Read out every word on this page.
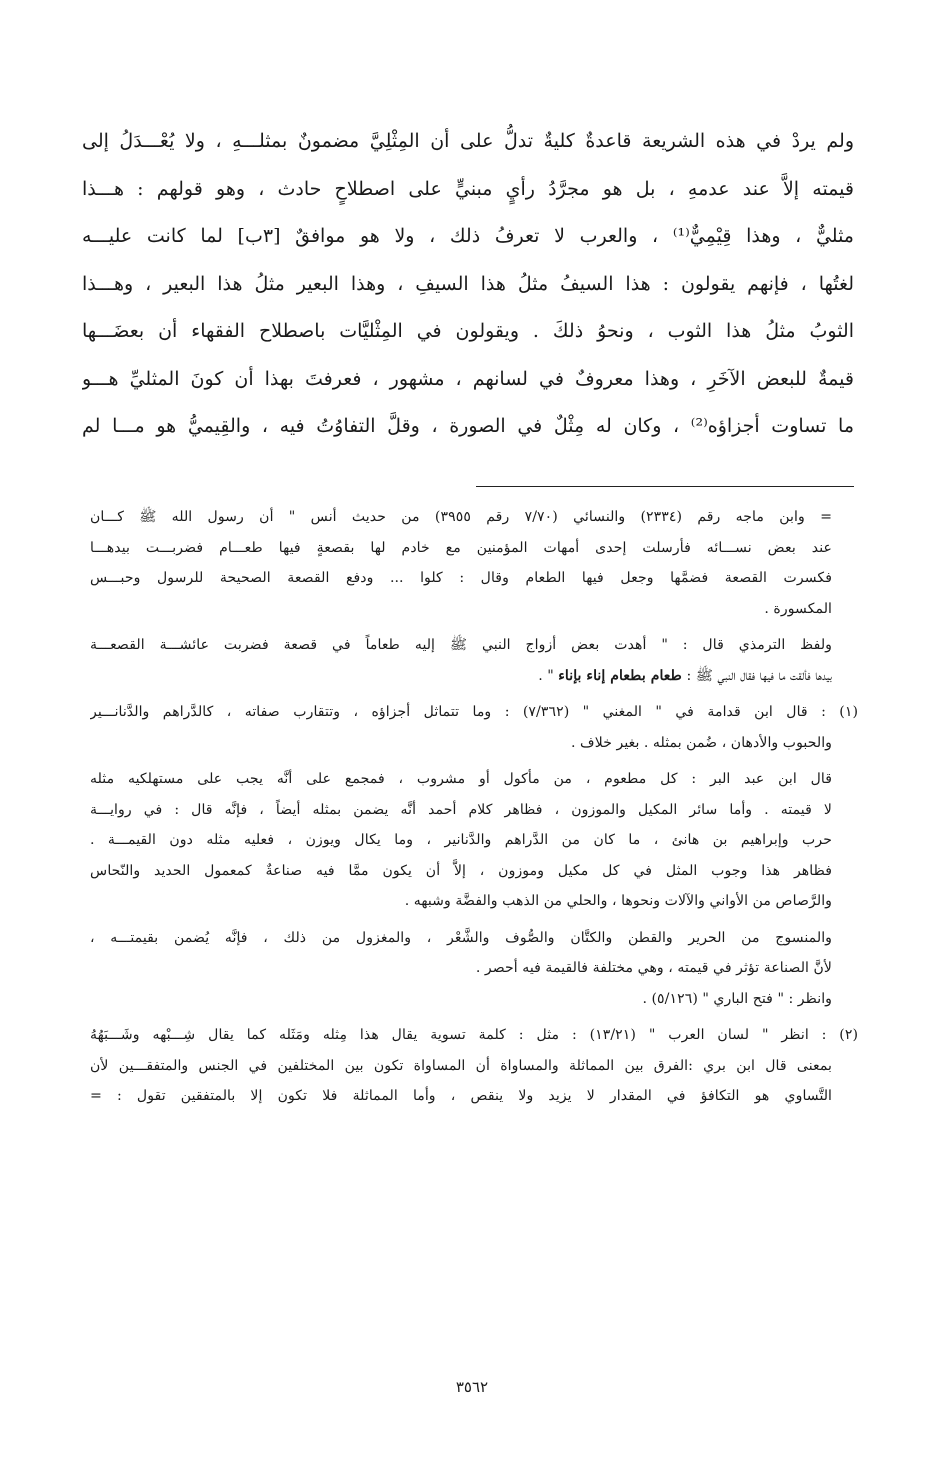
ولم يردْ في هذه الشريعة قاعدةٌ كليةٌ تدلُّ على أن المِثْلِيَّ مضمونٌ بمثلـــهِ ، ولا يُعْـــدَلُ إلى
قيمته إلاَّ عند عدمهِ ، بل هو مجرَّدُ رأيٍ مبنيٍّ على اصطلاحٍ حادث ، وهو قولهم : هـــذا
مثليٌّ ، وهذا قِيْمِيٌّ⁽¹⁾ ، والعرب لا تعرفُ ذلك ، ولا هو موافقٌ [٣ب] لما كانت عليـــه
لغتُها ، فإنهم يقولون : هذا السيفُ مثلُ هذا السيفِ ، وهذا البعير مثلُ هذا البعير ، وهـــذا
الثوبُ مثلُ هذا الثوب ، ونحوُ ذلكَ . ويقولون في المِثْليَّات باصطلاح الفقهاء أن بعضَـــها
قيمةٌ للبعض الآخَرِ ، وهذا معروفٌ في لسانهم ، مشهور ، فعرفتَ بهذا أن كونَ المثليِّ هـــو
ما تساوت أجزاؤه⁽²⁾ ، وكان له مِثْلٌ في الصورة ، وقلَّ التفاوُتُ فيه ، والقِيميُّ هو مـــا لم
= وابن ماجه رقم (٢٣٣٤) والنسائي (٧/٧٠ رقم ٣٩٥٥) من حديث أنس " أن رسول الله ﷺ كـــان
عند بعض نســـائه فأرسلت إحدى أمهات المؤمنين مع خادم لها بقصعةٍ فيها طعـــام فضربـــت بيدهـــا
فكسرت القصعة فضمَّها وجعل فيها الطعام وقال : كلوا ... ودفع القصعة الصحيحة للرسول وحبـــس
المكسورة .
ولفظ الترمذي قال : " أهدت بعض أزواج النبي ﷺ إليه طعاماً في قصعة فضربت عائشـــة القصعـــة
بيدها فألقت ما فيها فقال النبي ﷺ : طعام بطعام إناء بإناء " .
(١) : قال ابن قدامة في " المغني " (٧/٣٦٢) : وما تتماثل أجزاؤه ، وتتقارب صفاته ، كالدَّراهم والدَّنانـــير
والحبوب والأدهان ، ضُمن بمثله . بغير خلاف .
قال ابن عبد البر : كل مطعوم ، من مأكول أو مشروب ، فمجمع على أنَّه يجب على مستهلكيه مثله
لا قيمته . وأما سائر المكيل والموزون ، فظاهر كلام أحمد أنَّه يضمن بمثله أيضاً ، فإنَّه قال : في روايـــة
حرب وإبراهيم بن هانئ ، ما كان من الدَّراهم والدَّنانير ، وما يكال ويوزن ، فعليه مثله دون القيمـــة .
فظاهر هذا وجوب المثل في كل مكيل وموزون ، إلاَّ أن يكون ممَّا فيه صناعةٌ كمعمول الحديد والنّحاس
والرَّصاص من الأواني والآلات ونحوها ، والحلي من الذهب والفضَّة وشبهه .
والمنسوج من الحرير والقطن والكتَّان والصُّوف والشَّعْر ، والمغزول من ذلك ، فإنَّه يُضمن بقيمتـــه ،
لأنَّ الصناعة تؤثر في قيمته ، وهي مختلفة فالقيمة فيه أحصر .
وانظر : " فتح الباري " (٥/١٢٦) .
(٢) : انظر " لسان العرب " (١٣/٢١) : مثل : كلمة تسوية يقال هذا مِثله ومَثَله كما يقال شِـــبْهه وشَـــبَهُهُ
بمعنى قال ابن بري :الفرق بين المماثلة والمساواة أن المساواة تكون بين المختلفين في الجنس والمتفقـــين لأن
التَّساوي هو التكافؤ في المقدار لا يزيد ولا ينقص ، وأما المماثلة فلا تكون إلا بالمتفقين تقول : =
٣٥٦٢
